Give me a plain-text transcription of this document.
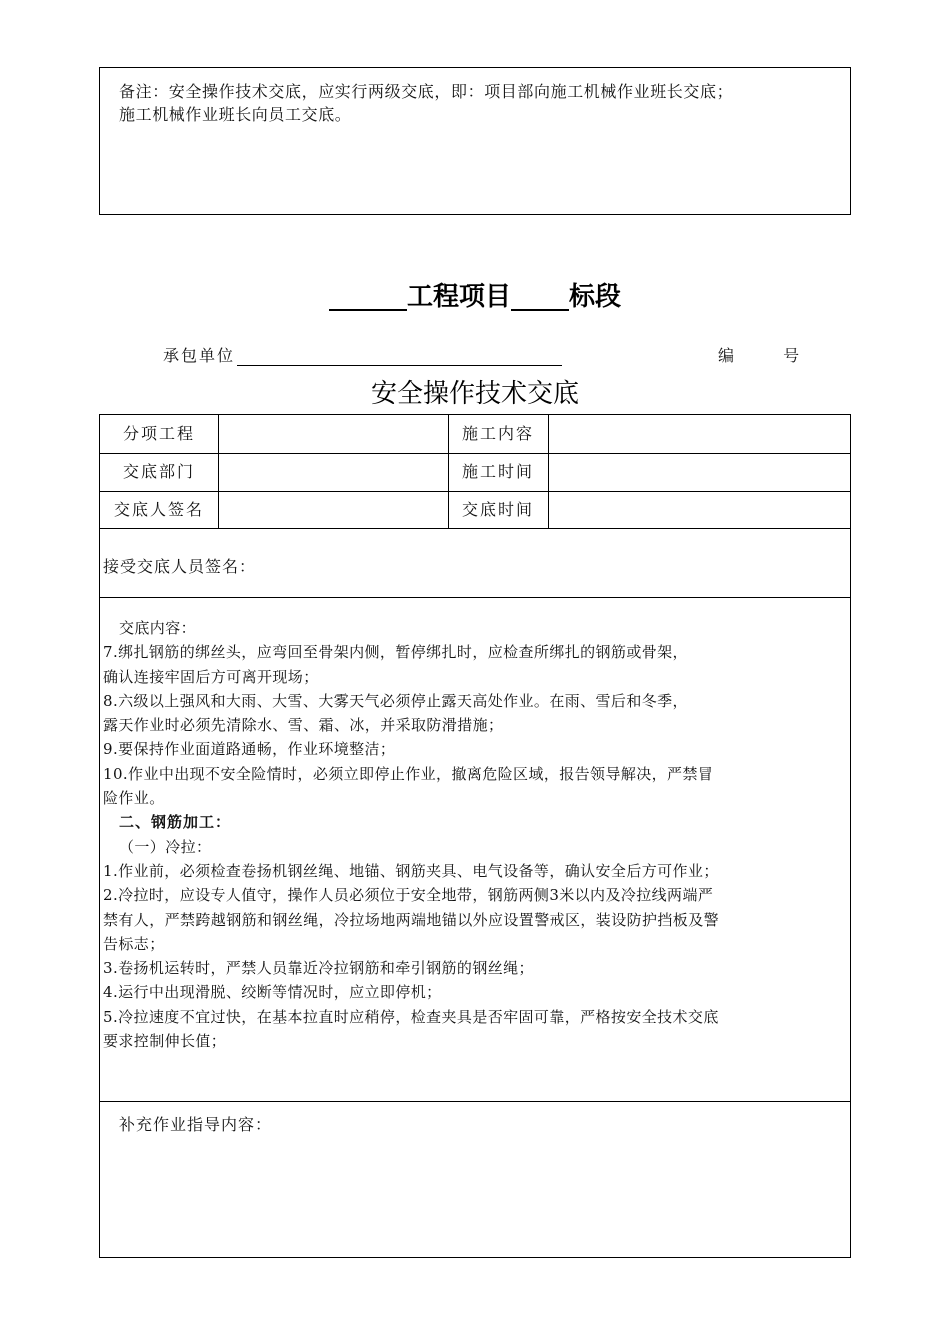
备注：安全操作技术交底，应实行两级交底，即：项目部向施工机械作业班长交底；
施工机械作业班长向员工交底。
工程项目 标段
承包单位	编 号
安全操作技术交底
分项工程	施工内容
交底部门	施工时间
交底人签名	交底时间
接受交底人员签名：

交底内容：

7.绑扎钢筋的绑丝头，应弯回至骨架内侧，暂停绑扎时，应检查所绑扎的钢筋或骨架，

确认连接牢固后方可离开现场；

8.六级以上强风和大雨、大雪、大雾天气必须停止露天高处作业。在雨、雪后和冬季，

露天作业时必须先清除水、雪、霜、冰，并采取防滑措施；

9.要保持作业面道路通畅，作业环境整洁；

10.作业中出现不安全险情时，必须立即停止作业，撤离危险区域，报告领导解决，严禁冒

险作业。

二、钢筋加工：

（一）冷拉：

1.作业前，必须检查卷扬机钢丝绳、地锚、钢筋夹具、电气设备等，确认安全后方可作业；

2.冷拉时，应设专人值守，操作人员必须位于安全地带，钢筋两侧3米以内及冷拉线两端严

禁有人，严禁跨越钢筋和钢丝绳，冷拉场地两端地锚以外应设置警戒区，装设防护挡板及警

告标志；

3.卷扬机运转时，严禁人员靠近冷拉钢筋和牵引钢筋的钢丝绳；

4.运行中出现滑脱、绞断等情况时，应立即停机；

5.冷拉速度不宜过快，在基本拉直时应稍停，检查夹具是否牢固可靠，严格按安全技术交底

要求控制伸长值；

补充作业指导内容：
